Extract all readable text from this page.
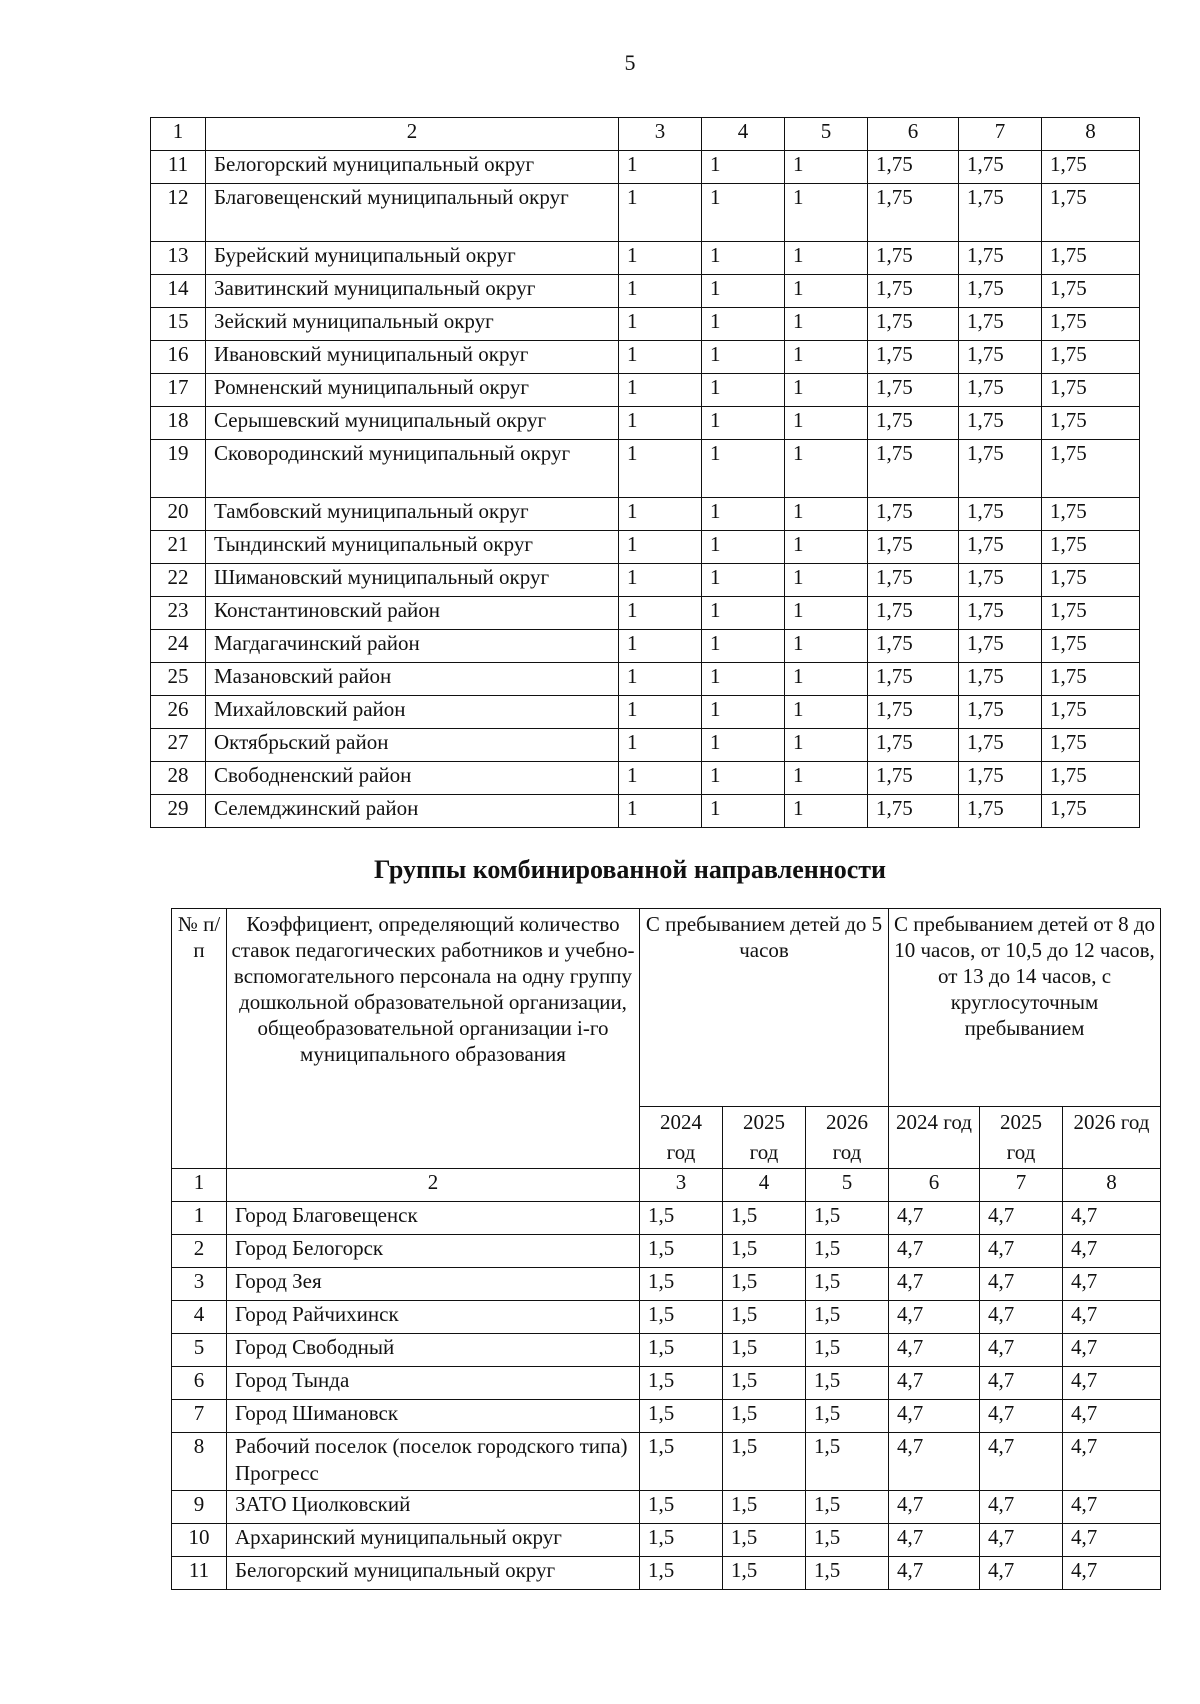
5
1	2	3	4	5	6	7	8
11	Белогорский муниципальный округ	1	1	1	1,75	1,75	1,75
12	Благовещенский муниципальный округ	1	1	1	1,75	1,75	1,75
13	Бурейский муниципальный округ	1	1	1	1,75	1,75	1,75
14	Завитинский муниципальный округ	1	1	1	1,75	1,75	1,75
15	Зейский муниципальный округ	1	1	1	1,75	1,75	1,75
16	Ивановский муниципальный округ	1	1	1	1,75	1,75	1,75
17	Ромненский муниципальный округ	1	1	1	1,75	1,75	1,75
18	Серышевский муниципальный округ	1	1	1	1,75	1,75	1,75
19	Сковородинский муниципальный округ	1	1	1	1,75	1,75	1,75
20	Тамбовский муниципальный округ	1	1	1	1,75	1,75	1,75
21	Тындинский муниципальный округ	1	1	1	1,75	1,75	1,75
22	Шимановский муниципальный округ	1	1	1	1,75	1,75	1,75
23	Константиновский район	1	1	1	1,75	1,75	1,75
24	Магдагачинский район	1	1	1	1,75	1,75	1,75
25	Мазановский район	1	1	1	1,75	1,75	1,75
26	Михайловский район	1	1	1	1,75	1,75	1,75
27	Октябрьский район	1	1	1	1,75	1,75	1,75
28	Свободненский район	1	1	1	1,75	1,75	1,75
29	Селемджинский район	1	1	1	1,75	1,75	1,75
Группы комбинированной направленности
№ п/п	Коэффициент, определяющий количество ставок педагогических работников и учебно-вспомогательного персонала на одну группу дошкольной образовательной организации, общеобразовательной организации i-го муниципального образования	С пребыванием детей до 5 часов			С пребыванием детей от 8 до 10 часов, от 10,5 до 12 часов, от 13 до 14 часов, с круглосуточным пребыванием		
		2024 год	2025 год	2026 год	2024 год	2025 год	2026 год
1	2	3	4	5	6	7	8
1	Город Благовещенск	1,5	1,5	1,5	4,7	4,7	4,7
2	Город Белогорск	1,5	1,5	1,5	4,7	4,7	4,7
3	Город Зея	1,5	1,5	1,5	4,7	4,7	4,7
4	Город Райчихинск	1,5	1,5	1,5	4,7	4,7	4,7
5	Город Свободный	1,5	1,5	1,5	4,7	4,7	4,7
6	Город Тында	1,5	1,5	1,5	4,7	4,7	4,7
7	Город Шимановск	1,5	1,5	1,5	4,7	4,7	4,7
8	Рабочий поселок (поселок городского типа) Прогресс	1,5	1,5	1,5	4,7	4,7	4,7
9	ЗАТО Циолковский	1,5	1,5	1,5	4,7	4,7	4,7
10	Архаринский муниципальный округ	1,5	1,5	1,5	4,7	4,7	4,7
11	Белогорский муниципальный округ	1,5	1,5	1,5	4,7	4,7	4,7
